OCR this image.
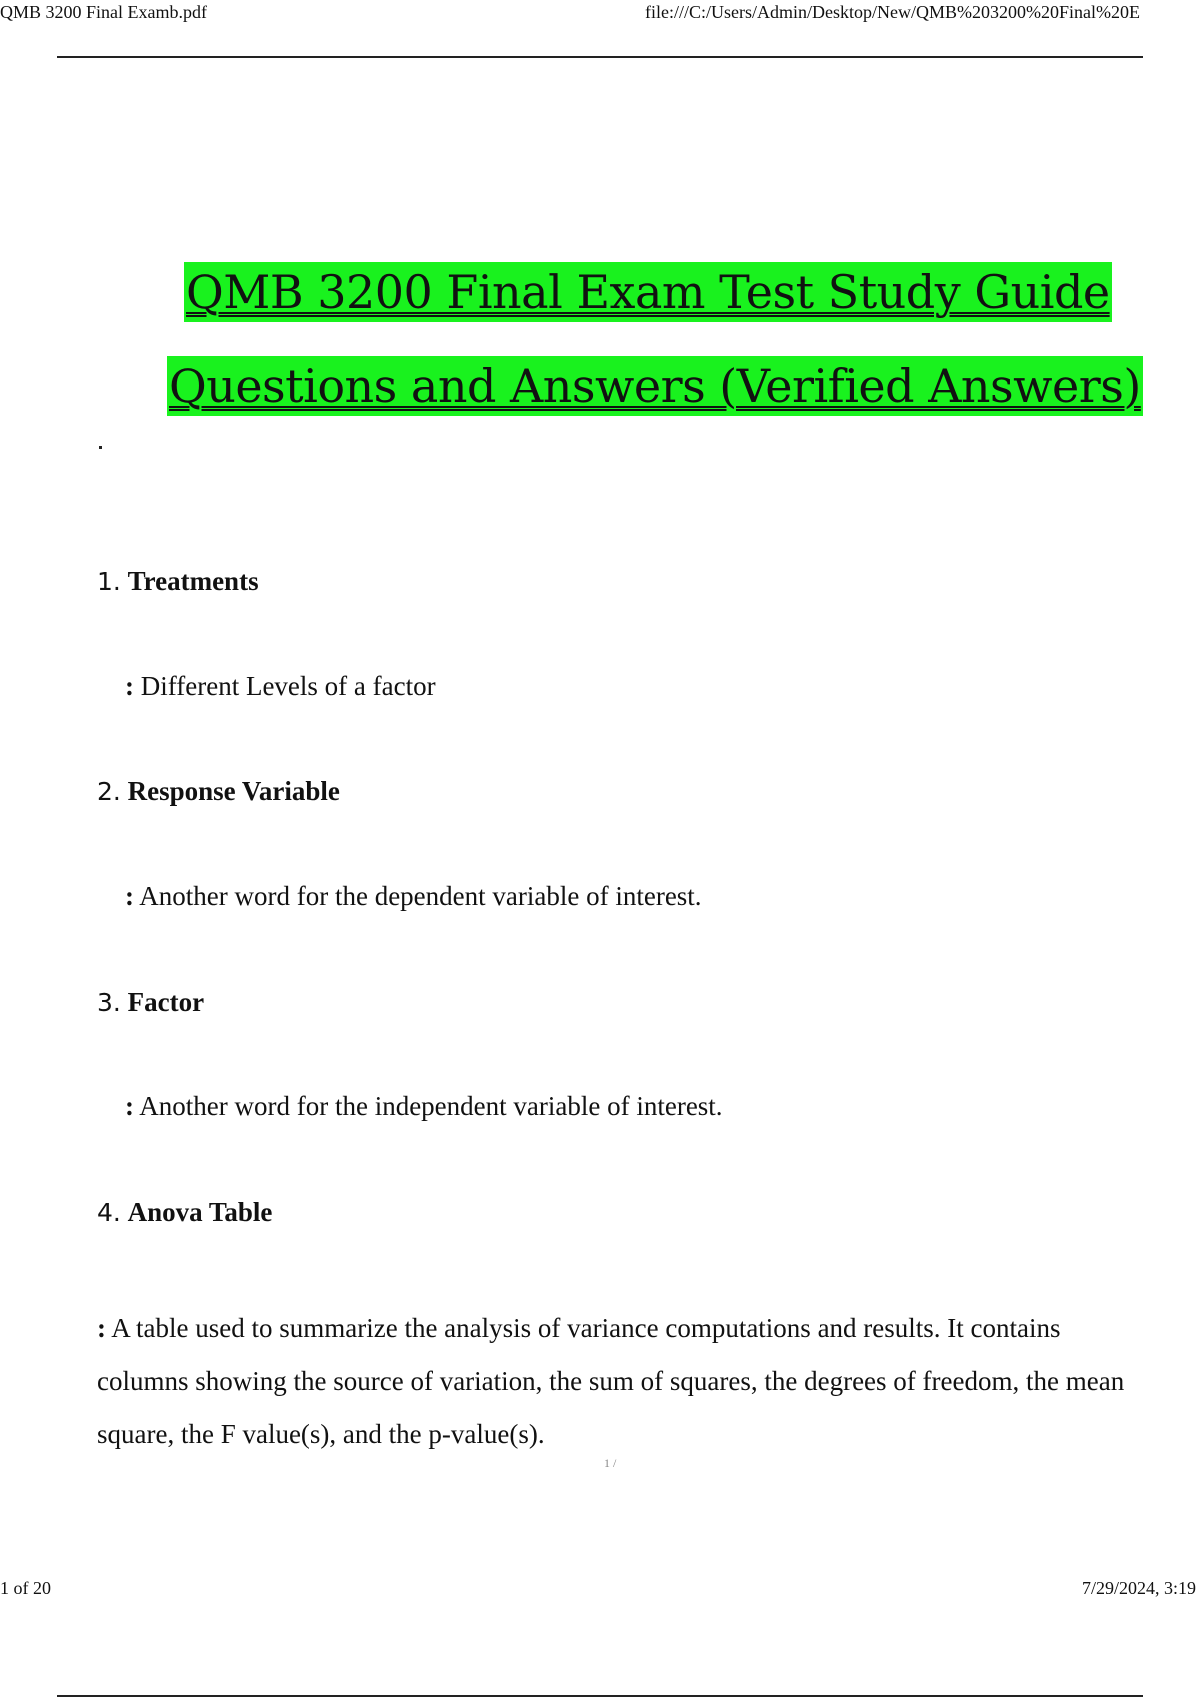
QMB 3200 Final Examb.pdf	file:///C:/Users/Admin/Desktop/New/QMB%203200%20Final%20E
QMB 3200 Final Exam Test Study Guide
Questions and Answers (Verified Answers)
1. Treatments
: Different Levels of a factor
2. Response Variable
: Another word for the dependent variable of interest.
3. Factor
: Another word for the independent variable of interest.
4. Anova Table

: A table used to summarize the analysis of variance computations and results. It contains columns showing the source of variation, the sum of squares, the degrees of freedom, the mean square, the F value(s), and the p-value(s).

1 /
1 of 20	7/29/2024, 3:19
